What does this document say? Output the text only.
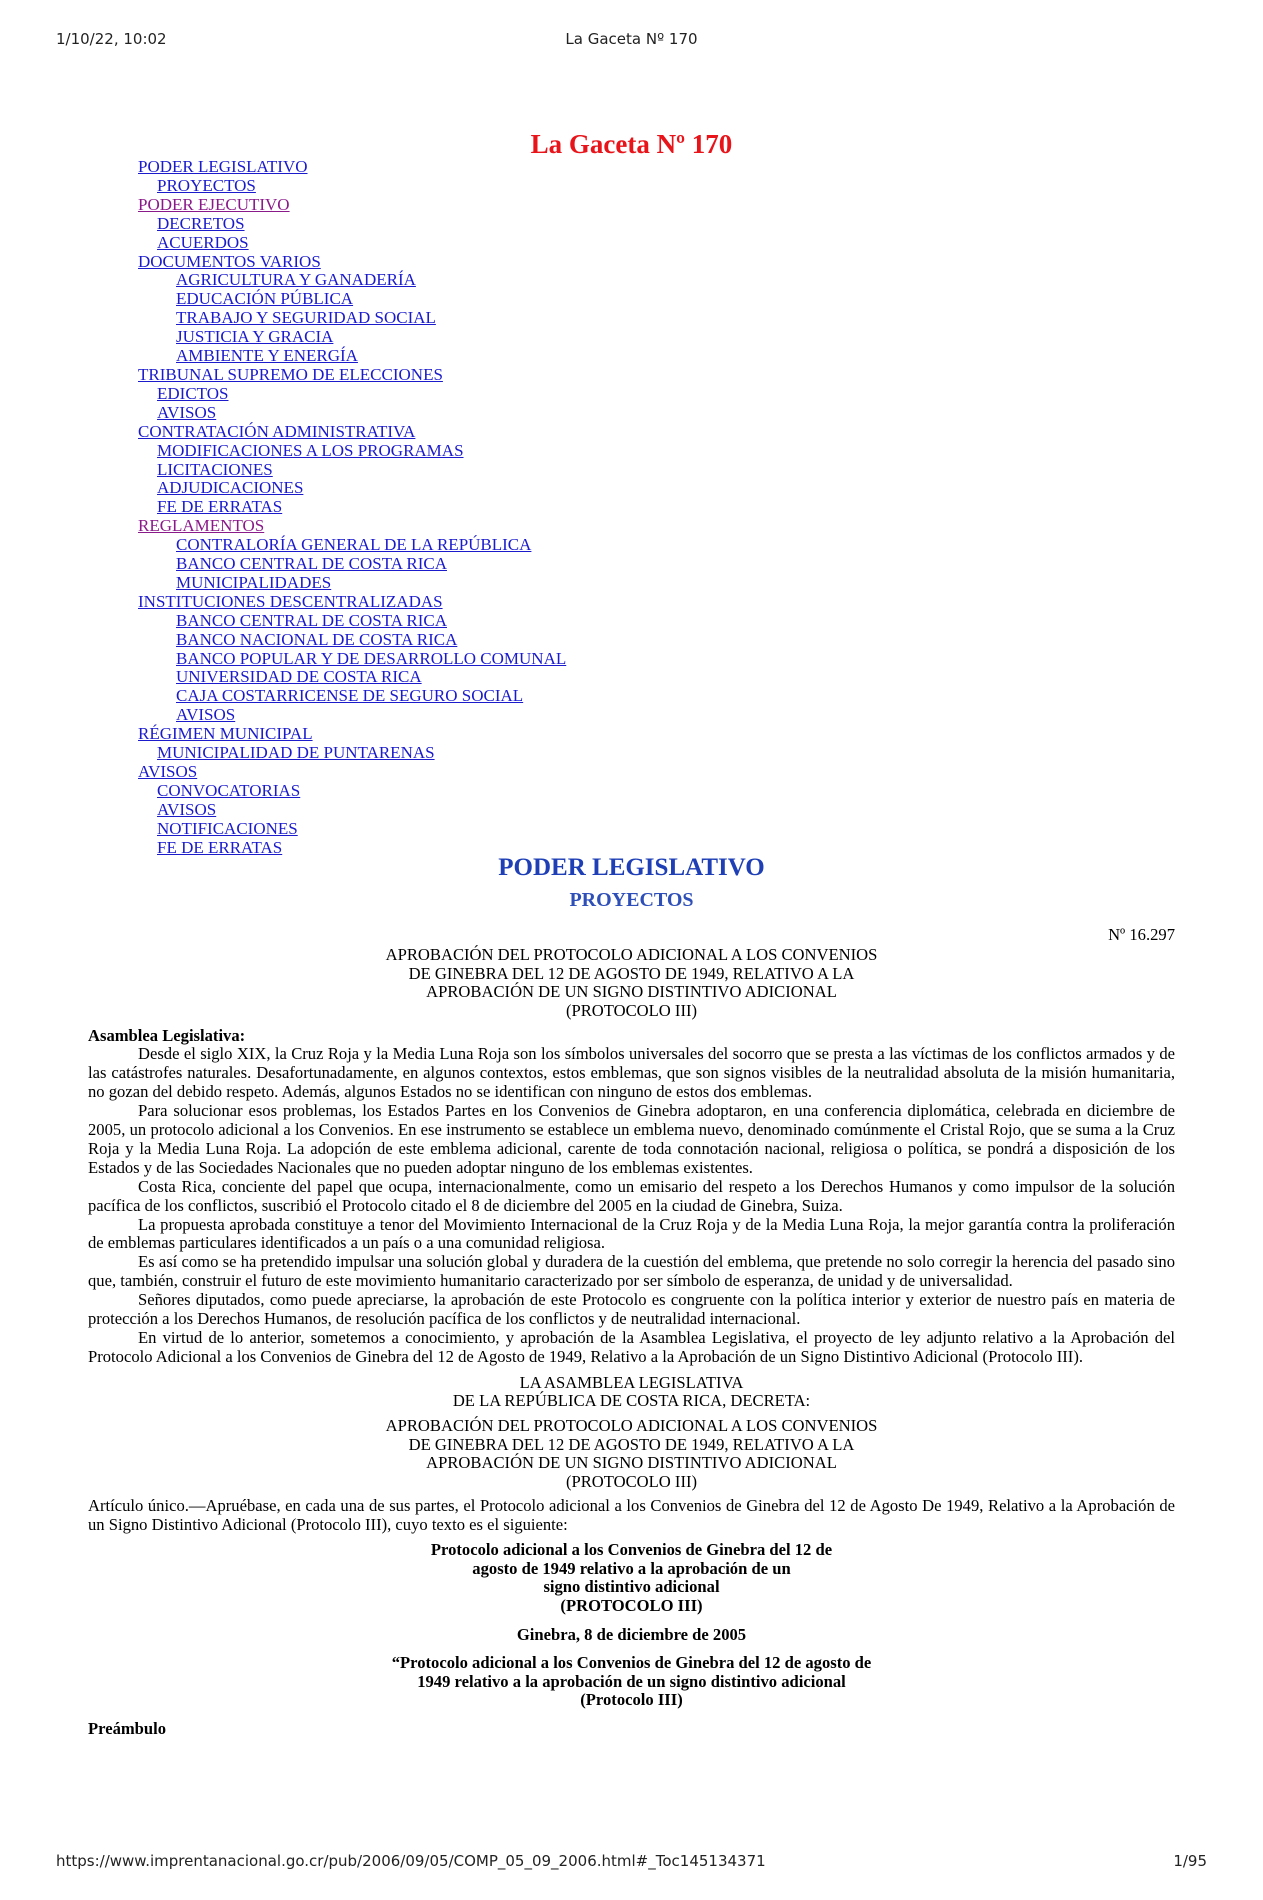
1/10/22, 10:02	La Gaceta Nº 170
La Gaceta Nº 170
PODER LEGISLATIVO
PROYECTOS
PODER EJECUTIVO
DECRETOS
ACUERDOS
DOCUMENTOS VARIOS
AGRICULTURA Y GANADERÍA
EDUCACIÓN PÚBLICA
TRABAJO Y SEGURIDAD SOCIAL
JUSTICIA Y GRACIA
AMBIENTE Y ENERGÍA
TRIBUNAL SUPREMO DE ELECCIONES
EDICTOS
AVISOS
CONTRATACIÓN ADMINISTRATIVA
MODIFICACIONES A LOS PROGRAMAS
LICITACIONES
ADJUDICACIONES
FE DE ERRATAS
REGLAMENTOS
CONTRALORÍA GENERAL DE LA REPÚBLICA
BANCO CENTRAL DE COSTA RICA
MUNICIPALIDADES
INSTITUCIONES DESCENTRALIZADAS
BANCO CENTRAL DE COSTA RICA
BANCO NACIONAL DE COSTA RICA
BANCO POPULAR Y DE DESARROLLO COMUNAL
UNIVERSIDAD DE COSTA RICA
CAJA COSTARRICENSE DE SEGURO SOCIAL
AVISOS
RÉGIMEN MUNICIPAL
MUNICIPALIDAD DE PUNTARENAS
AVISOS
CONVOCATORIAS
AVISOS
NOTIFICACIONES
FE DE ERRATAS
PODER LEGISLATIVO
PROYECTOS

Nº 16.297

APROBACIÓN DEL PROTOCOLO ADICIONAL A LOS CONVENIOS

DE GINEBRA DEL 12 DE AGOSTO DE 1949, RELATIVO A LA

APROBACIÓN DE UN SIGNO DISTINTIVO ADICIONAL

(PROTOCOLO III)

Asamblea Legislativa:

Desde el siglo XIX, la Cruz Roja y la Media Luna Roja son los símbolos universales del socorro que se presta a las víctimas de los conflictos armados y de las catástrofes naturales. Desafortunadamente, en algunos contextos, estos emblemas, que son signos visibles de la neutralidad absoluta de la misión humanitaria, no gozan del debido respeto. Además, algunos Estados no se identifican con ninguno de estos dos emblemas.

Para solucionar esos problemas, los Estados Partes en los Convenios de Ginebra adoptaron, en una conferencia diplomática, celebrada en diciembre de 2005, un protocolo adicional a los Convenios. En ese instrumento se establece un emblema nuevo, denominado comúnmente el Cristal Rojo, que se suma a la Cruz Roja y la Media Luna Roja. La adopción de este emblema adicional, carente de toda connotación nacional, religiosa o política, se pondrá a disposición de los Estados y de las Sociedades Nacionales que no pueden adoptar ninguno de los emblemas existentes.

Costa Rica, conciente del papel que ocupa, internacionalmente, como un emisario del respeto a los Derechos Humanos y como impulsor de la solución pacífica de los conflictos, suscribió el Protocolo citado el 8 de diciembre del 2005 en la ciudad de Ginebra, Suiza.

La propuesta aprobada constituye a tenor del Movimiento Internacional de la Cruz Roja y de la Media Luna Roja, la mejor garantía contra la proliferación de emblemas particulares identificados a un país o a una comunidad religiosa.

Es así como se ha pretendido impulsar una solución global y duradera de la cuestión del emblema, que pretende no solo corregir la herencia del pasado sino que, también, construir el futuro de este movimiento humanitario caracterizado por ser símbolo de esperanza, de unidad y de universalidad.

Señores diputados, como puede apreciarse, la aprobación de este Protocolo es congruente con la política interior y exterior de nuestro país en materia de protección a los Derechos Humanos, de resolución pacífica de los conflictos y de neutralidad internacional.

En virtud de lo anterior, sometemos a conocimiento, y aprobación de la Asamblea Legislativa, el proyecto de ley adjunto relativo a la Aprobación del Protocolo Adicional a los Convenios de Ginebra del 12 de Agosto de 1949, Relativo a la Aprobación de un Signo Distintivo Adicional (Protocolo III).

LA ASAMBLEA LEGISLATIVA

DE LA REPÚBLICA DE COSTA RICA, DECRETA:

APROBACIÓN DEL PROTOCOLO ADICIONAL A LOS CONVENIOS

DE GINEBRA DEL 12 DE AGOSTO DE 1949, RELATIVO A LA

APROBACIÓN DE UN SIGNO DISTINTIVO ADICIONAL

(PROTOCOLO III)

Artículo único.—Apruébase, en cada una de sus partes, el Protocolo adicional a los Convenios de Ginebra del 12 de Agosto De 1949, Relativo a la Aprobación de un Signo Distintivo Adicional (Protocolo III), cuyo texto es el siguiente:

Protocolo adicional a los Convenios de Ginebra del 12 de

agosto de 1949 relativo a la aprobación de un

signo distintivo adicional

(PROTOCOLO III)

Ginebra, 8 de diciembre de 2005

“Protocolo adicional a los Convenios de Ginebra del 12 de agosto de

1949 relativo a la aprobación de un signo distintivo adicional

(Protocolo III)

Preámbulo

https://www.imprentanacional.go.cr/pub/2006/09/05/COMP_05_09_2006.html#_Toc145134371	1/95
